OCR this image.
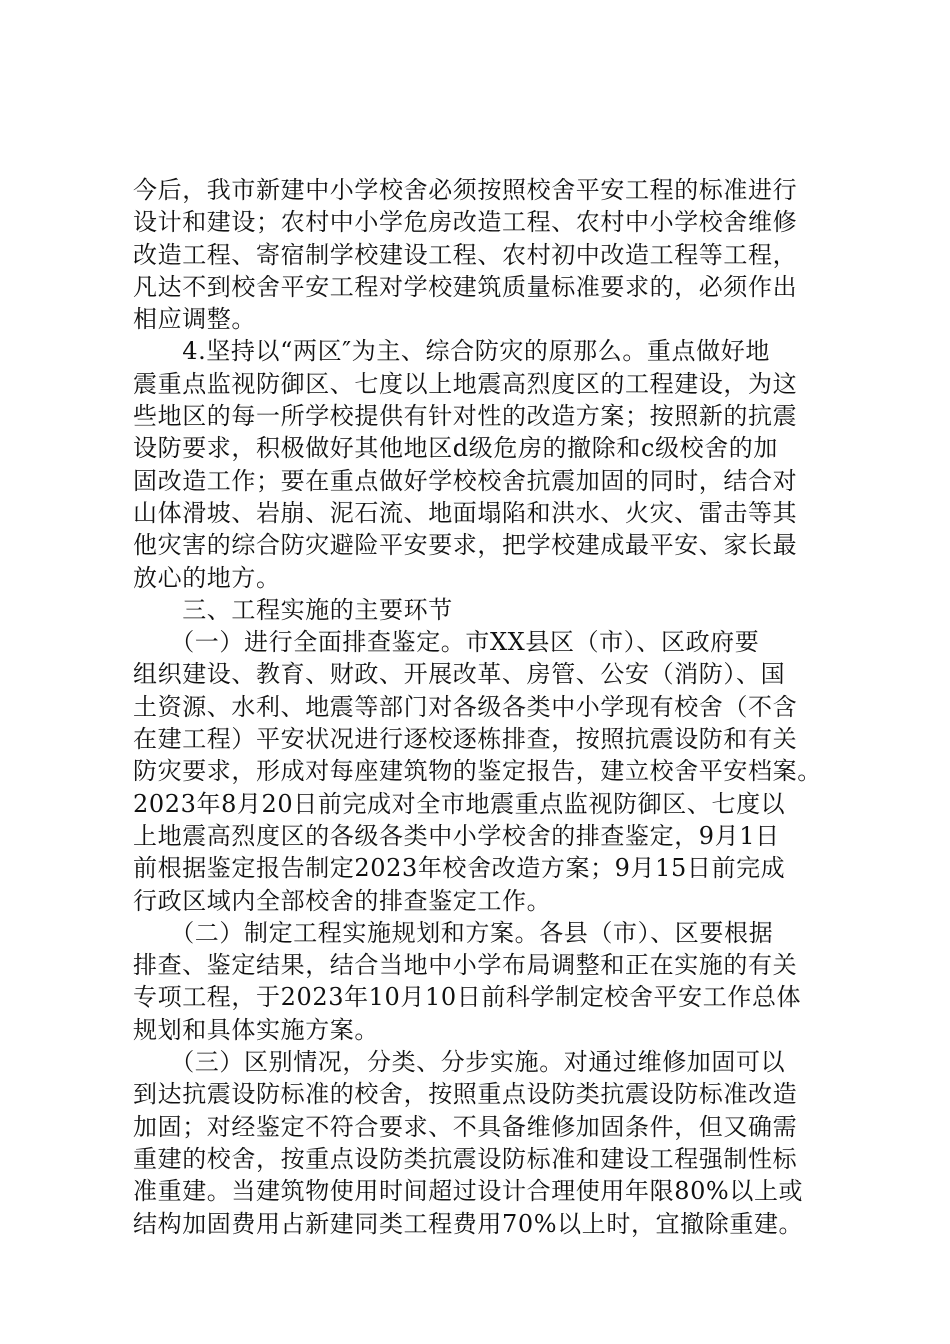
今后，我市新建中小学校舍必须按照校舍平安工程的标准进行
设计和建设；农村中小学危房改造工程、农村中小学校舍维修
改造工程、寄宿制学校建设工程、农村初中改造工程等工程，
凡达不到校舍平安工程对学校建筑质量标准要求的，必须作出
相应调整。
　　4.坚持以“两区″为主、综合防灾的原那么。重点做好地
震重点监视防御区、七度以上地震高烈度区的工程建设，为这
些地区的每一所学校提供有针对性的改造方案；按照新的抗震
设防要求，积极做好其他地区d级危房的撤除和c级校舍的加
固改造工作；要在重点做好学校校舍抗震加固的同时，结合对
山体滑坡、岩崩、泥石流、地面塌陷和洪水、火灾、雷击等其
他灾害的综合防灾避险平安要求，把学校建成最平安、家长最
放心的地方。
　　三、工程实施的主要环节
　　（一）进行全面排查鉴定。市XX县区（市）、区政府要
组织建设、教育、财政、开展改革、房管、公安（消防）、国
土资源、水利、地震等部门对各级各类中小学现有校舍（不含
在建工程）平安状况进行逐校逐栋排查，按照抗震设防和有关
防灾要求，形成对每座建筑物的鉴定报告，建立校舍平安档案。
2023年8月20日前完成对全市地震重点监视防御区、七度以
上地震高烈度区的各级各类中小学校舍的排查鉴定，9月1日
前根据鉴定报告制定2023年校舍改造方案；9月15日前完成
行政区域内全部校舍的排查鉴定工作。
　　（二）制定工程实施规划和方案。各县（市）、区要根据
排查、鉴定结果，结合当地中小学布局调整和正在实施的有关
专项工程，于2023年10月10日前科学制定校舍平安工作总体
规划和具体实施方案。
　　（三）区别情况，分类、分步实施。对通过维修加固可以
到达抗震设防标准的校舍，按照重点设防类抗震设防标准改造
加固；对经鉴定不符合要求、不具备维修加固条件，但又确需
重建的校舍，按重点设防类抗震设防标准和建设工程强制性标
准重建。当建筑物使用时间超过设计合理使用年限80%以上或
结构加固费用占新建同类工程费用70%以上时，宜撤除重建。
